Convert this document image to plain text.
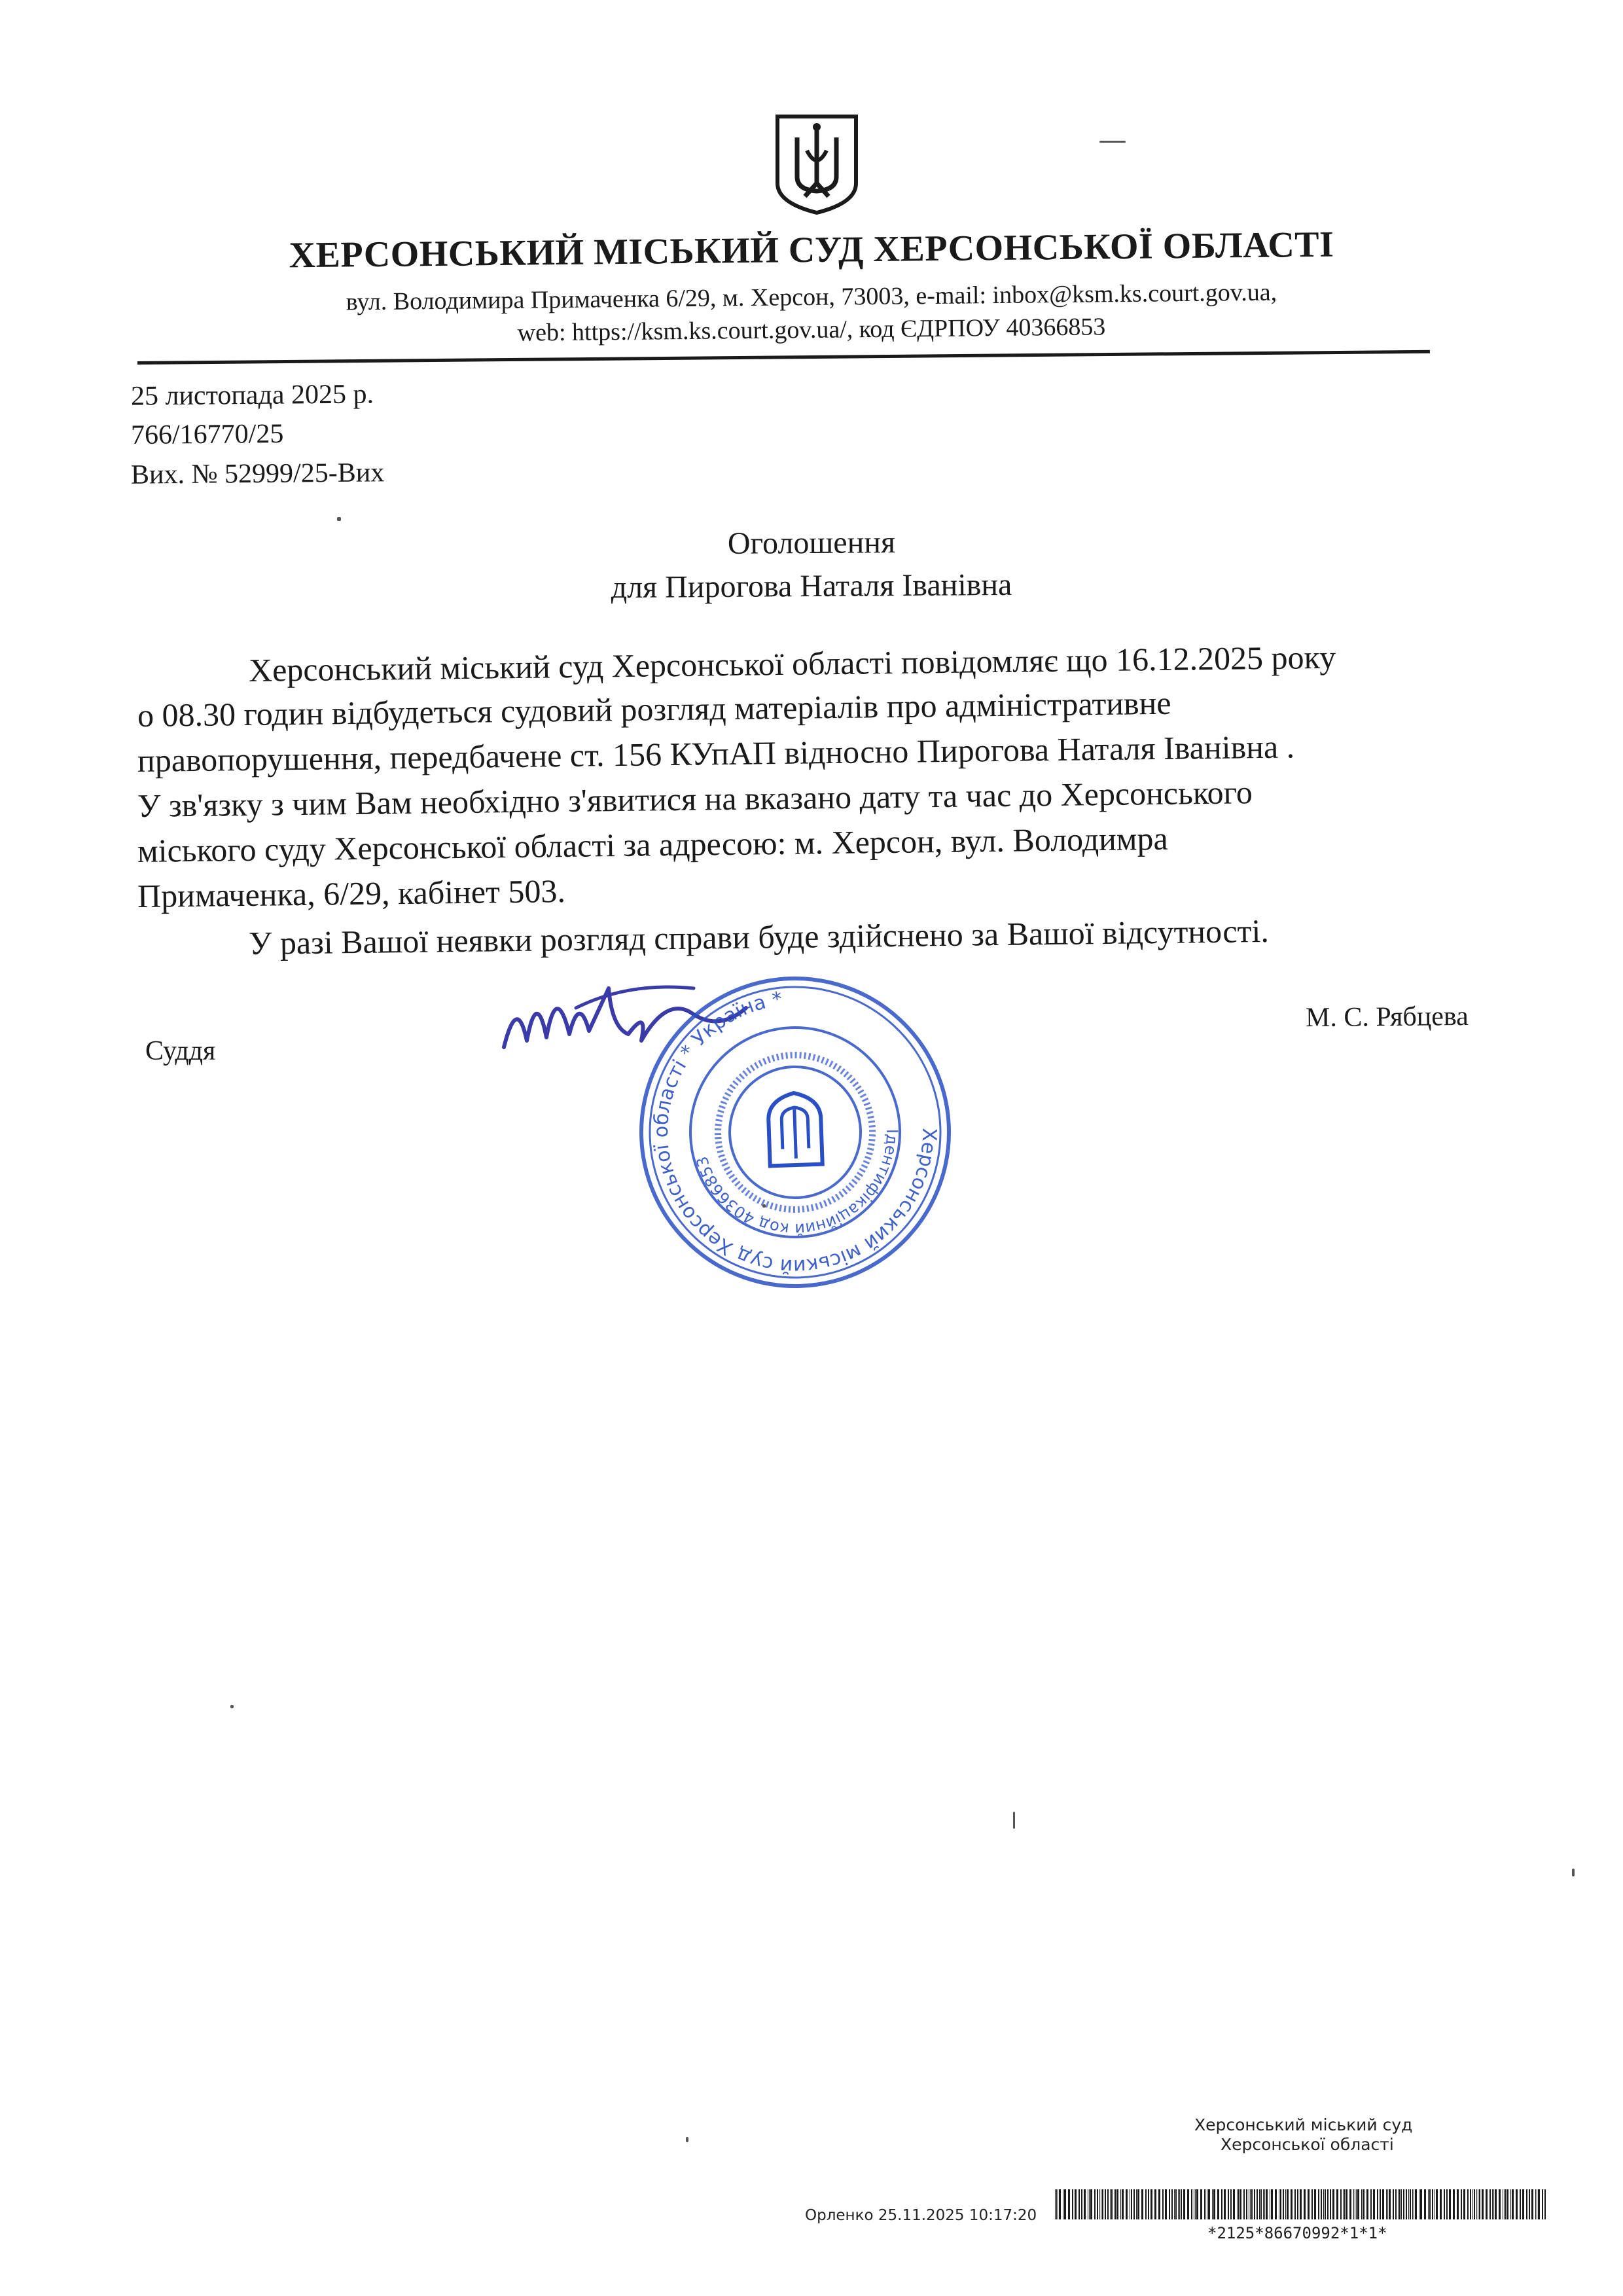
ХЕРСОНСЬКИЙ МІСЬКИЙ СУД ХЕРСОНСЬКОЇ ОБЛАСТІ
вул. Володимира Примаченка 6/29, м. Херсон, 73003, e-mail: inbox@ksm.ks.court.gov.ua,
web: https://ksm.ks.court.gov.ua/, код ЄДРПОУ 40366853
25 листопада 2025 р.
766/16770/25
Вих. № 52999/25-Вих
Оголошення
для Пирогова Наталя Іванівна
Херсонський міський суд Херсонської області повідомляє що 16.12.2025 року
о 08.30 годин відбудеться судовий розгляд матеріалів про адміністративне
правопорушення, передбачене ст. 156 КУпАП відносно Пирогова Наталя Іванівна .
У зв'язку з чим Вам необхідно з'явитися на вказано дату та час до Херсонського
міського суду Херсонської області за адресою: м. Херсон, вул. Володимра
Примаченка, 6/29, кабінет 503.
У разі Вашої неявки розгляд справи буде здійснено за Вашої відсутності.
М. С. Рябцева
Суддя
Херсонський міський суд Херсонської області * Україна *
Ідентифікаційний код 40366853
Херсонський міський суд
Херсонської області
Орленко 25.11.2025 10:17:20
*2125*86670992*1*1*
